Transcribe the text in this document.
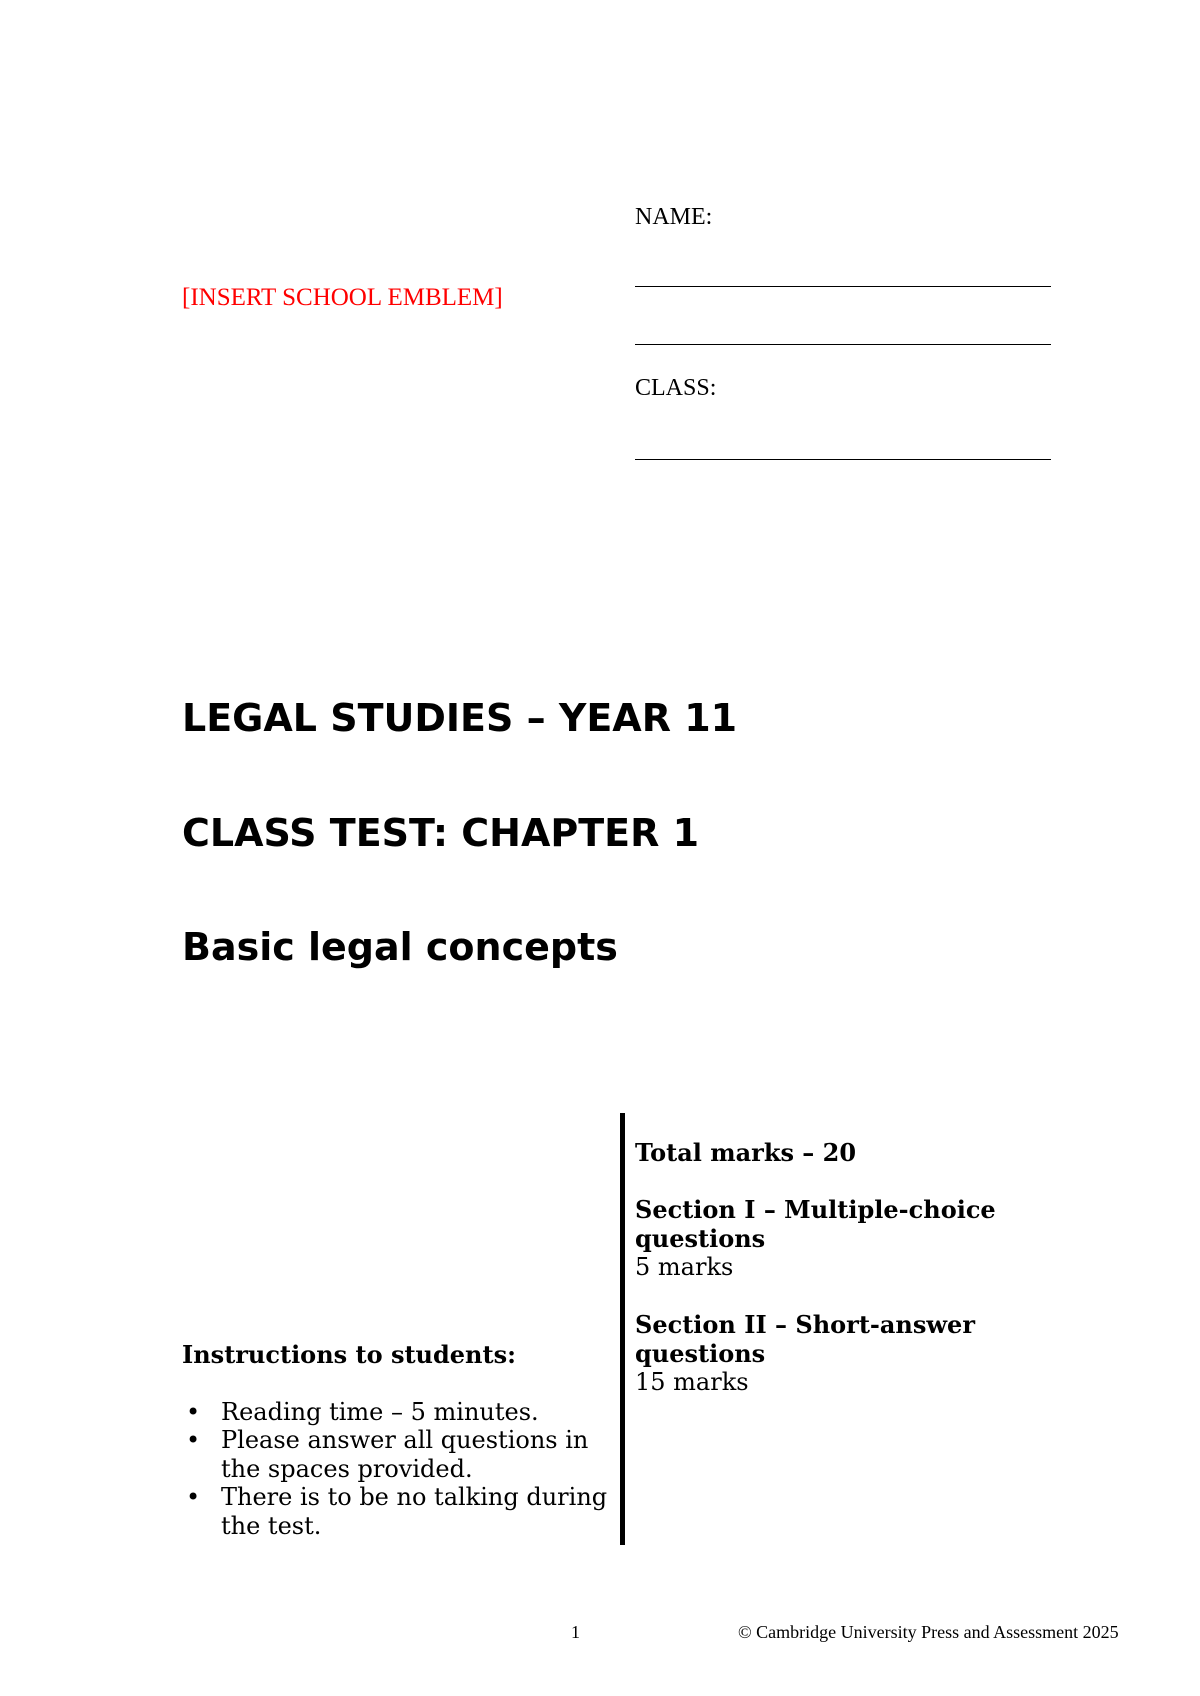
[INSERT SCHOOL EMBLEM]
NAME:
CLASS:
LEGAL STUDIES – YEAR 11
CLASS TEST: CHAPTER 1
Basic legal concepts
Total marks – 20
Section I – Multiple-choice questions
5 marks
Section II – Short-answer questions
15 marks
Instructions to students:
• Reading time – 5 minutes.
• Please answer all questions in the spaces provided.
• There is to be no talking during the test.
1	© Cambridge University Press and Assessment 2025
